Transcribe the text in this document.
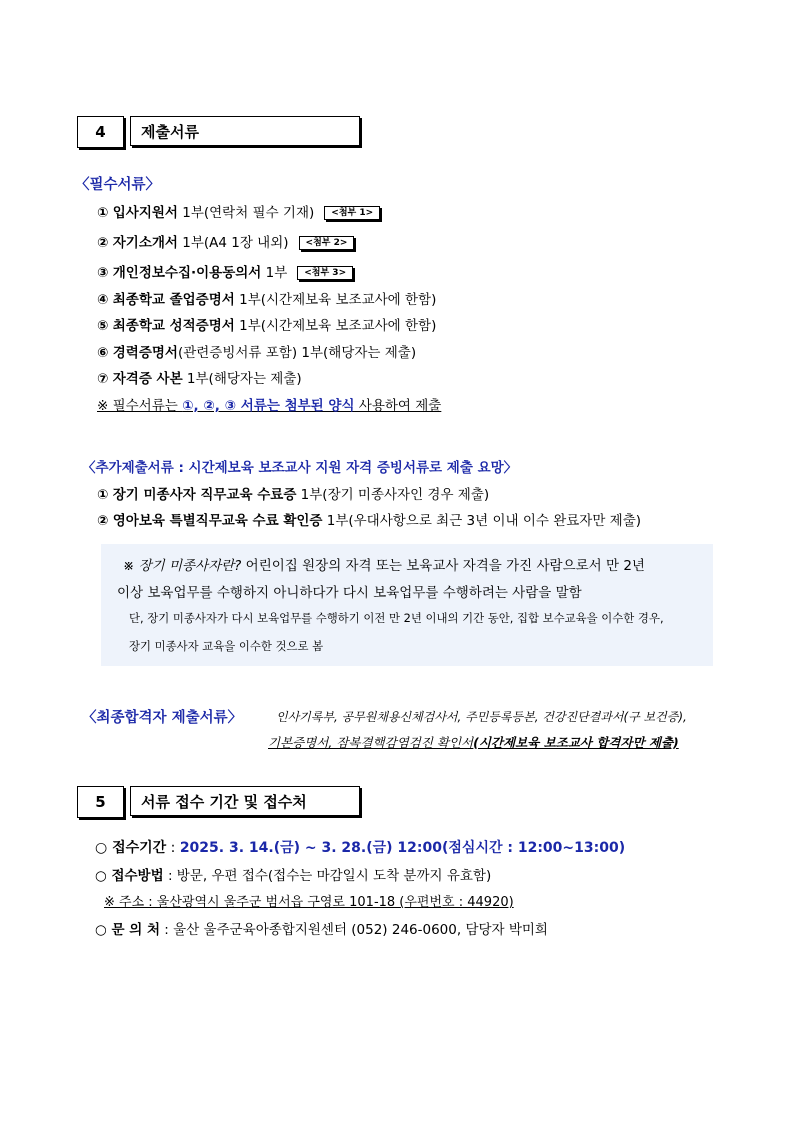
4	제출서류
〈필수서류〉
① 입사지원서 1부(연락처 필수 기재) <첨부 1>
② 자기소개서 1부(A4 1장 내외) <첨부 2>
③ 개인정보수집·이용동의서 1부 <첨부 3>
④ 최종학교 졸업증명서 1부(시간제보육 보조교사에 한함)
⑤ 최종학교 성적증명서 1부(시간제보육 보조교사에 한함)
⑥ 경력증명서(관련증빙서류 포함) 1부(해당자는 제출)
⑦ 자격증 사본 1부(해당자는 제출)
※ 필수서류는 ①, ②, ③ 서류는 첨부된 양식 사용하여 제출
〈추가제출서류 : 시간제보육 보조교사 지원 자격 증빙서류로 제출 요망〉
① 장기 미종사자 직무교육 수료증 1부(장기 미종사자인 경우 제출)
② 영아보육 특별직무교육 수료 확인증 1부(우대사항으로 최근 3년 이내 이수 완료자만 제출)
※ 장기 미종사자란? 어린이집 원장의 자격 또는 보육교사 자격을 가진 사람으로서 만 2년
이상 보육업무를 수행하지 아니하다가 다시 보육업무를 수행하려는 사람을 말함
단, 장기 미종사자가 다시 보육업무를 수행하기 이전 만 2년 이내의 기간 동안, 집합 보수교육을 이수한 경우,
장기 미종사자 교육을 이수한 것으로 봄
〈최종합격자 제출서류〉	인사기록부, 공무원채용신체검사서, 주민등록등본, 건강진단결과서(구 보건증),
기본증명서, 잠복결핵감염검진 확인서(시간제보육 보조교사 합격자만 제출)
5	서류 접수 기간 및 접수처
○ 접수기간 : 2025. 3. 14.(금) ~ 3. 28.(금) 12:00(점심시간 : 12:00~13:00)
○ 접수방법 : 방문, 우편 접수(접수는 마감일시 도착 분까지 유효함)
※ 주소 : 울산광역시 울주군 범서읍 구영로 101-18 (우편번호 : 44920)
○ 문 의 처 : 울산 울주군육아종합지원센터 (052) 246-0600, 담당자 박미희
